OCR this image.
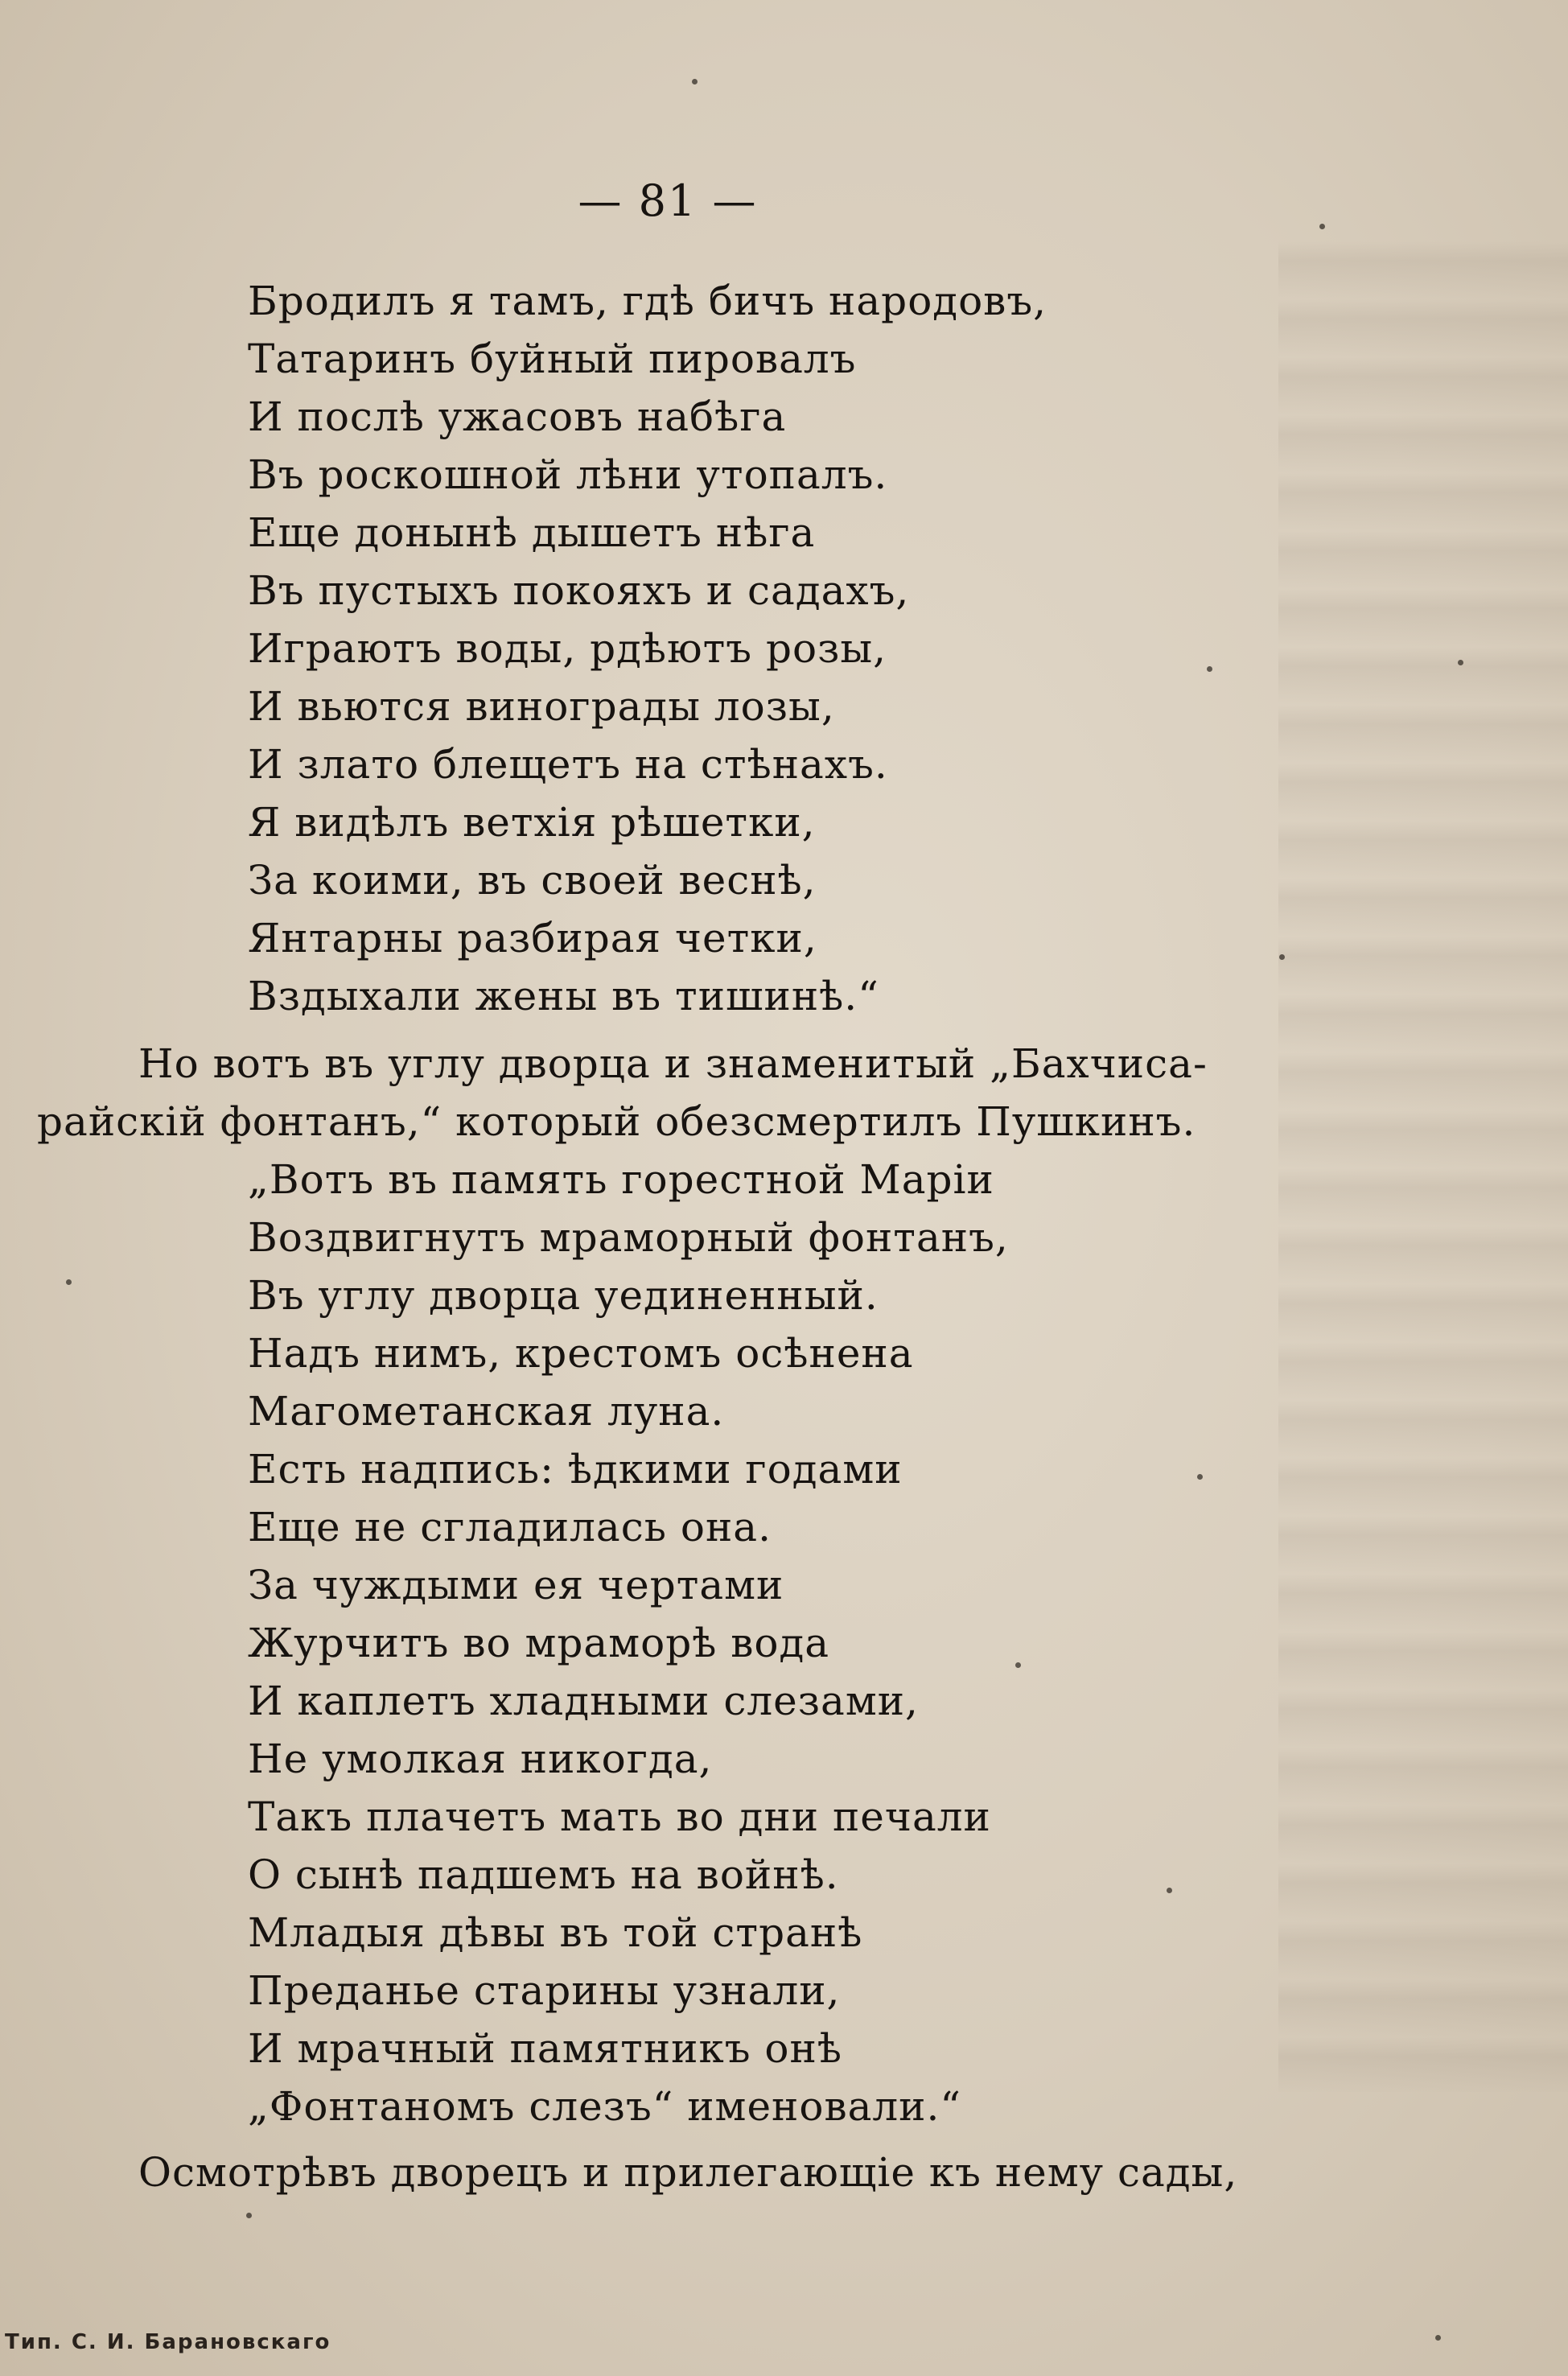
— 81 —
Бродилъ я тамъ, гдѣ бичъ народовъ,
Татаринъ буйный пировалъ
И послѣ ужасовъ набѣга
Въ роскошной лѣни утопалъ.
Еще донынѣ дышетъ нѣга
Въ пустыхъ покояхъ и садахъ,
Играютъ воды, рдѣютъ розы,
И вьются винограды лозы,
И злато блещетъ на стѣнахъ.
Я видѣлъ ветхія рѣшетки,
За коими, въ своей веснѣ,
Янтарны разбирая четки,
Вздыхали жены въ тишинѣ.“
Но вотъ въ углу дворца и знаменитый „Бахчиса-
райскій фонтанъ,“ который обезсмертилъ Пушкинъ.
„Вотъ въ память горестной Маріи
Воздвигнутъ мраморный фонтанъ,
Въ углу дворца уединенный.
Надъ нимъ, крестомъ осѣнена
Магометанская луна.
Есть надпись: ѣдкими годами
Еще не сгладилась она.
За чуждыми ея чертами
Журчитъ во мраморѣ вода
И каплетъ хладными слезами,
Не умолкая никогда,
Такъ плачетъ мать во дни печали
О сынѣ падшемъ на войнѣ.
Младыя дѣвы въ той странѣ
Преданье старины узнали,
И мрачный памятникъ онѣ
„Фонтаномъ слезъ“ именовали.“
Осмотрѣвъ дворецъ и прилегающіе къ нему сады,
Тип. С. И. Барановскаго
